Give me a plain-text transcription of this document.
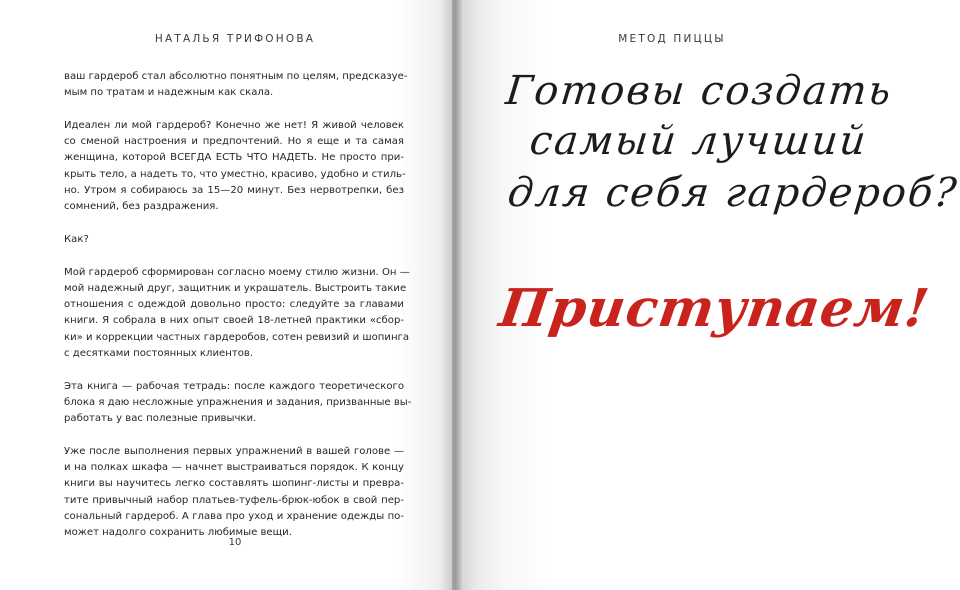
НАТАЛЬЯ ТРИФОНОВА	МЕТОД ПИЦЦЫ

ваш гардероб стал абсолютно понятным по целям, предсказуе-
мым по тратам и надежным как скала.

Идеален ли мой гардероб? Конечно же нет! Я живой человек
со сменой настроения и предпочтений. Но я еще и та самая
женщина, которой ВСЕГДА ЕСТЬ ЧТО НАДЕТЬ. Не просто при-
крыть тело, а надеть то, что уместно, красиво, удобно и стиль-
но. Утром я собираюсь за 15—20 минут. Без нервотрепки, без
сомнений, без раздражения.

Как?

Мой гардероб сформирован согласно моему стилю жизни. Он —
мой надежный друг, защитник и украшатель. Выстроить такие
отношения с одеждой довольно просто: следуйте за главами
книги. Я собрала в них опыт своей 18-летней практики «сбор-
ки» и коррекции частных гардеробов, сотен ревизий и шопинга
с десятками постоянных клиентов.

Эта книга — рабочая тетрадь: после каждого теоретического
блока я даю несложные упражнения и задания, призванные вы-
работать у вас полезные привычки.

Уже после выполнения первых упражнений в вашей голове —
и на полках шкафа — начнет выстраиваться порядок. К концу
книги вы научитесь легко составлять шопинг-листы и превра-
тите привычный набор платьев-туфель-брюк-юбок в свой пер-
сональный гардероб. А глава про уход и хранение одежды по-
может надолго сохранить любимые вещи.

10
Готовы создать
самый лучший
для себя гардероб?
Приступаем!
